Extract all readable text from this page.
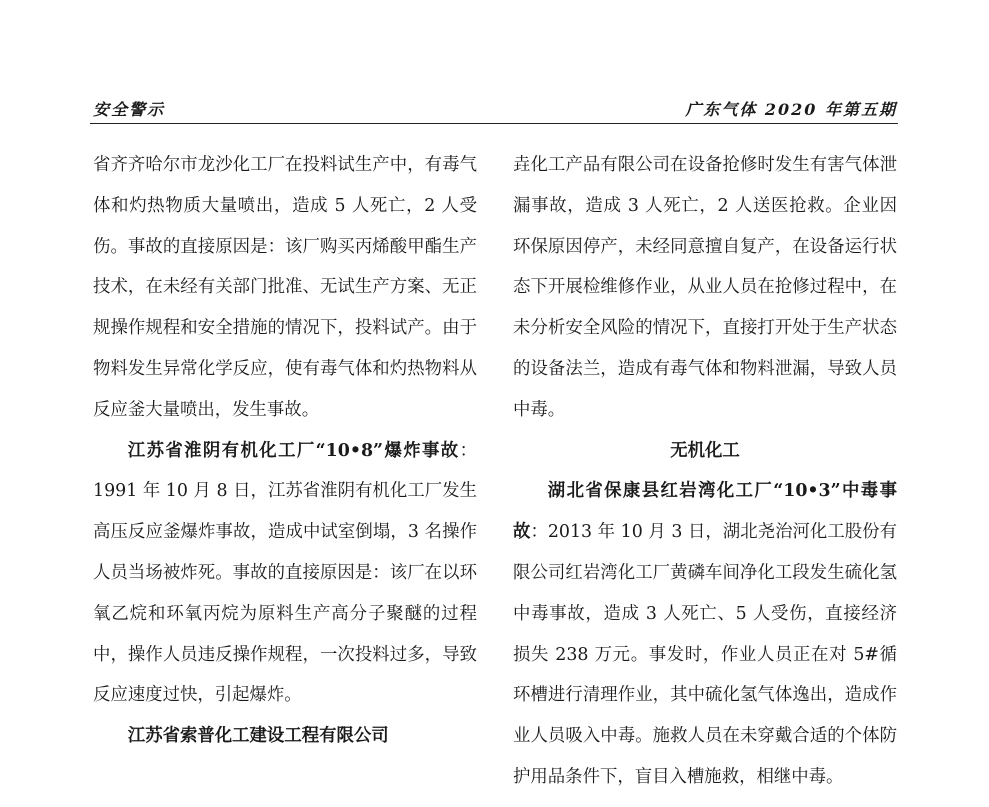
安全警示	广东气体 2020 年第五期

省齐齐哈尔市龙沙化工厂在投料试生产中，有毒气体和灼热物质大量喷出，造成 5 人死亡，2 人受伤。事故的直接原因是：该厂购买丙烯酸甲酯生产技术，在未经有关部门批准、无试生产方案、无正规操作规程和安全措施的情况下，投料试产。由于物料发生异常化学反应，使有毒气体和灼热物料从反应釜大量喷出，发生事故。

江苏省淮阴有机化工厂“10•8”爆炸事故：1991 年 10 月 8 日，江苏省淮阴有机化工厂发生高压反应釜爆炸事故，造成中试室倒塌，3 名操作人员当场被炸死。事故的直接原因是：该厂在以环氧乙烷和环氧丙烷为原料生产高分子聚醚的过程中，操作人员违反操作规程，一次投料过多，导致反应速度过快，引起爆炸。

江苏省索普化工建设工程有限公司

垚化工产品有限公司在设备抢修时发生有害气体泄漏事故，造成 3 人死亡，2 人送医抢救。企业因环保原因停产，未经同意擅自复产，在设备运行状态下开展检维修作业，从业人员在抢修过程中，在未分析安全风险的情况下，直接打开处于生产状态的设备法兰，造成有毒气体和物料泄漏，导致人员中毒。

无机化工

湖北省保康县红岩湾化工厂“10•3”中毒事故：2013 年 10 月 3 日，湖北尧治河化工股份有限公司红岩湾化工厂黄磷车间净化工段发生硫化氢中毒事故，造成 3 人死亡、5 人受伤，直接经济损失 238 万元。事发时，作业人员正在对 5#循环槽进行清理作业，其中硫化氢气体逸出，造成作业人员吸入中毒。施救人员在未穿戴合适的个体防护用品条件下，盲目入槽施救，相继中毒。
